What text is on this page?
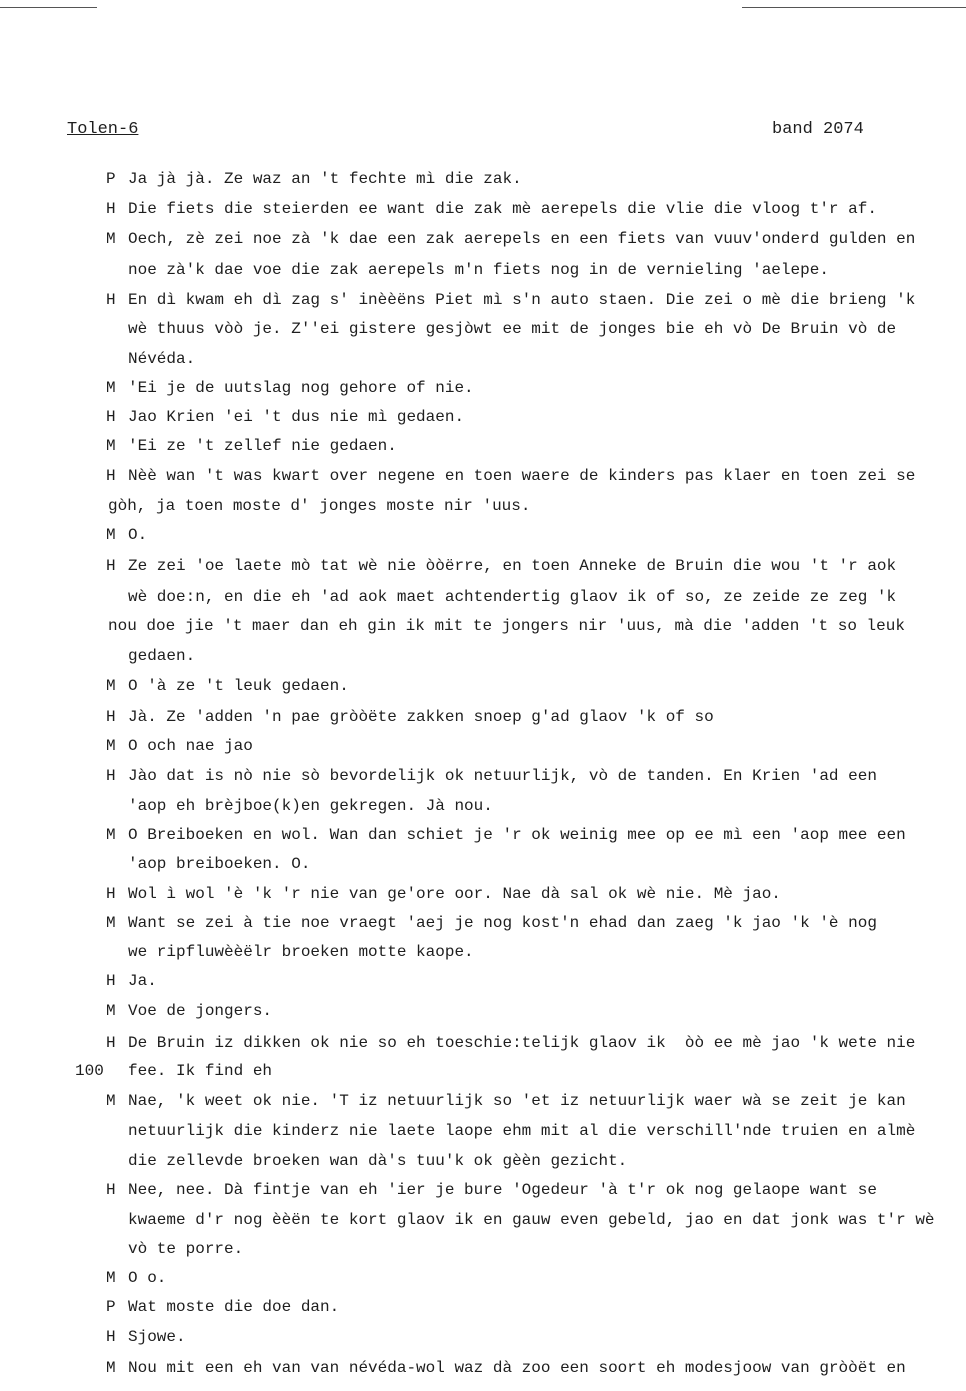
Tolen-6	band 2074
P Ja jà jà. Ze waz an 't fechte mì die zak.
H Die fiets die steierden ee want die zak mè aerepels die vlie die vloog t'r af.
M Oech, zè zei noe zà 'k dae een zak aerepels en een fiets van vuuv'onderd gulden en
noe zà'k dae voe die zak aerepels m'n fiets nog in de vernieling 'aelepe.
H En dì kwam eh dì zag s' inèèëns Piet mì s'n auto staen. Die zei o mè die brieng 'k
wè thuus vòò je. Z''ei gistere gesjòwt ee mit de jonges bie eh vò De Bruin vò de
Névéda.
M 'Ei je de uutslag nog gehore of nie.
H Jao Krien 'ei 't dus nie mì gedaen.
M 'Ei ze 't zellef nie gedaen.
H Nèè wan 't was kwart over negene en toen waere de kinders pas klaer en toen zei se
gòh, ja toen moste d' jonges moste nir 'uus.
M O.
H Ze zei 'oe laete mò tat wè nie òòërre, en toen Anneke de Bruin die wou 't 'r aok
wè doe:n, en die eh 'ad aok maet achtendertig glaov ik of so, ze zeide ze zeg 'k
nou doe jie 't maer dan eh gin ik mit te jongers nir 'uus, mà die 'adden 't so leuk
gedaen.
M O 'à ze 't leuk gedaen.
H Jà. Ze 'adden 'n pae gròòëte zakken snoep g'ad glaov 'k of so
M O och nae jao
H Jào dat is nò nie sò bevordelijk ok netuurlijk, vò de tanden. En Krien 'ad een
'aop eh brèjboe(k)en gekregen. Jà nou.
M O Breiboeken en wol. Wan dan schiet je 'r ok weinig mee op ee mì een 'aop mee een
'aop breiboeken. O.
H Wol ì wol 'è 'k 'r nie van ge'ore oor. Nae dà sal ok wè nie. Mè jao.
M Want se zei à tie noe vraegt 'aej je nog kost'n ehad dan zaeg 'k jao 'k 'è nog
we ripfluwèèëlr broeken motte kaope.
H Ja.
M Voe de jongers.
H De Bruin iz dikken ok nie so eh toeschie:telijk glaov ik  òò ee mè jao 'k wete nie
fee. Ik find eh
M Nae, 'k weet ok nie. 'T iz netuurlijk so 'et iz netuurlijk waer wà se zeit je kan
netuurlijk die kinderz nie laete laope ehm mit al die verschill'nde truien en almè
die zellevde broeken wan dà's tuu'k ok gèèn gezicht.
H Nee, nee. Dà fintje van eh 'ier je bure 'Ogedeur 'à t'r ok nog gelaope want se
kwaeme d'r nog èèën te kort glaov ik en gauw even gebeld, jao en dat jonk was t'r wè
vò te porre.
M O o.
P Wat moste die doe dan.
H Sjowe.
M Nou mit een eh van van névéda-wol waz dà zoo een soort eh modesjoow van gròòët en
100
